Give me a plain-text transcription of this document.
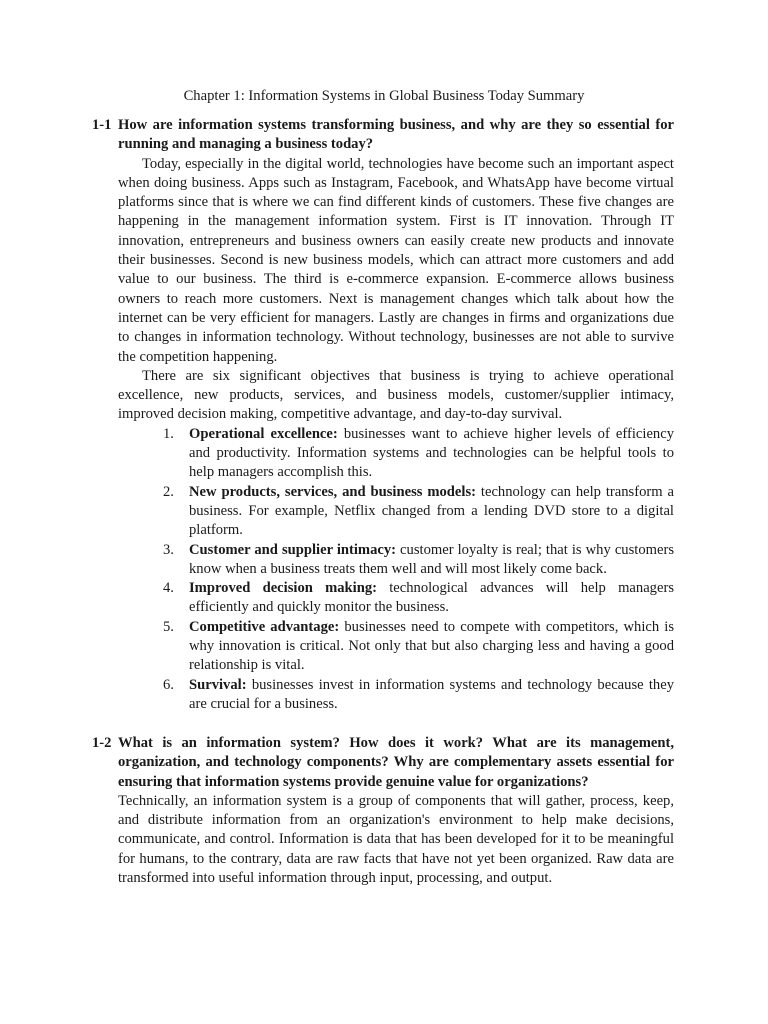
Chapter 1: Information Systems in Global Business Today Summary
1-1 How are information systems transforming business, and why are they so essential for running and managing a business today?

Today, especially in the digital world, technologies have become such an important aspect when doing business. Apps such as Instagram, Facebook, and WhatsApp have become virtual platforms since that is where we can find different kinds of customers. These five changes are happening in the management information system. First is IT innovation. Through IT innovation, entrepreneurs and business owners can easily create new products and innovate their businesses. Second is new business models, which can attract more customers and add value to our business. The third is e-commerce expansion. E-commerce allows business owners to reach more customers. Next is management changes which talk about how the internet can be very efficient for managers. Lastly are changes in firms and organizations due to changes in information technology. Without technology, businesses are not able to survive the competition happening.

There are six significant objectives that business is trying to achieve operational excellence, new products, services, and business models, customer/supplier intimacy, improved decision making, competitive advantage, and day-to-day survival.

1.	Operational excellence: businesses want to achieve higher levels of efficiency and productivity. Information systems and technologies can be helpful tools to help managers accomplish this.
2.	New products, services, and business models: technology can help transform a business. For example, Netflix changed from a lending DVD store to a digital platform.
3.	Customer and supplier intimacy: customer loyalty is real; that is why customers know when a business treats them well and will most likely come back.
4.	Improved decision making: technological advances will help managers efficiently and quickly monitor the business.
5.	Competitive advantage: businesses need to compete with competitors, which is why innovation is critical. Not only that but also charging less and having a good relationship is vital.
6.	Survival: businesses invest in information systems and technology because they are crucial for a business.
1-2 What is an information system? How does it work? What are its management, organization, and technology components? Why are complementary assets essential for ensuring that information systems provide genuine value for organizations?

Technically, an information system is a group of components that will gather, process, keep, and distribute information from an organization's environment to help make decisions, communicate, and control. Information is data that has been developed for it to be meaningful for humans, to the contrary, data are raw facts that have not yet been organized. Raw data are transformed into useful information through input, processing, and output.
